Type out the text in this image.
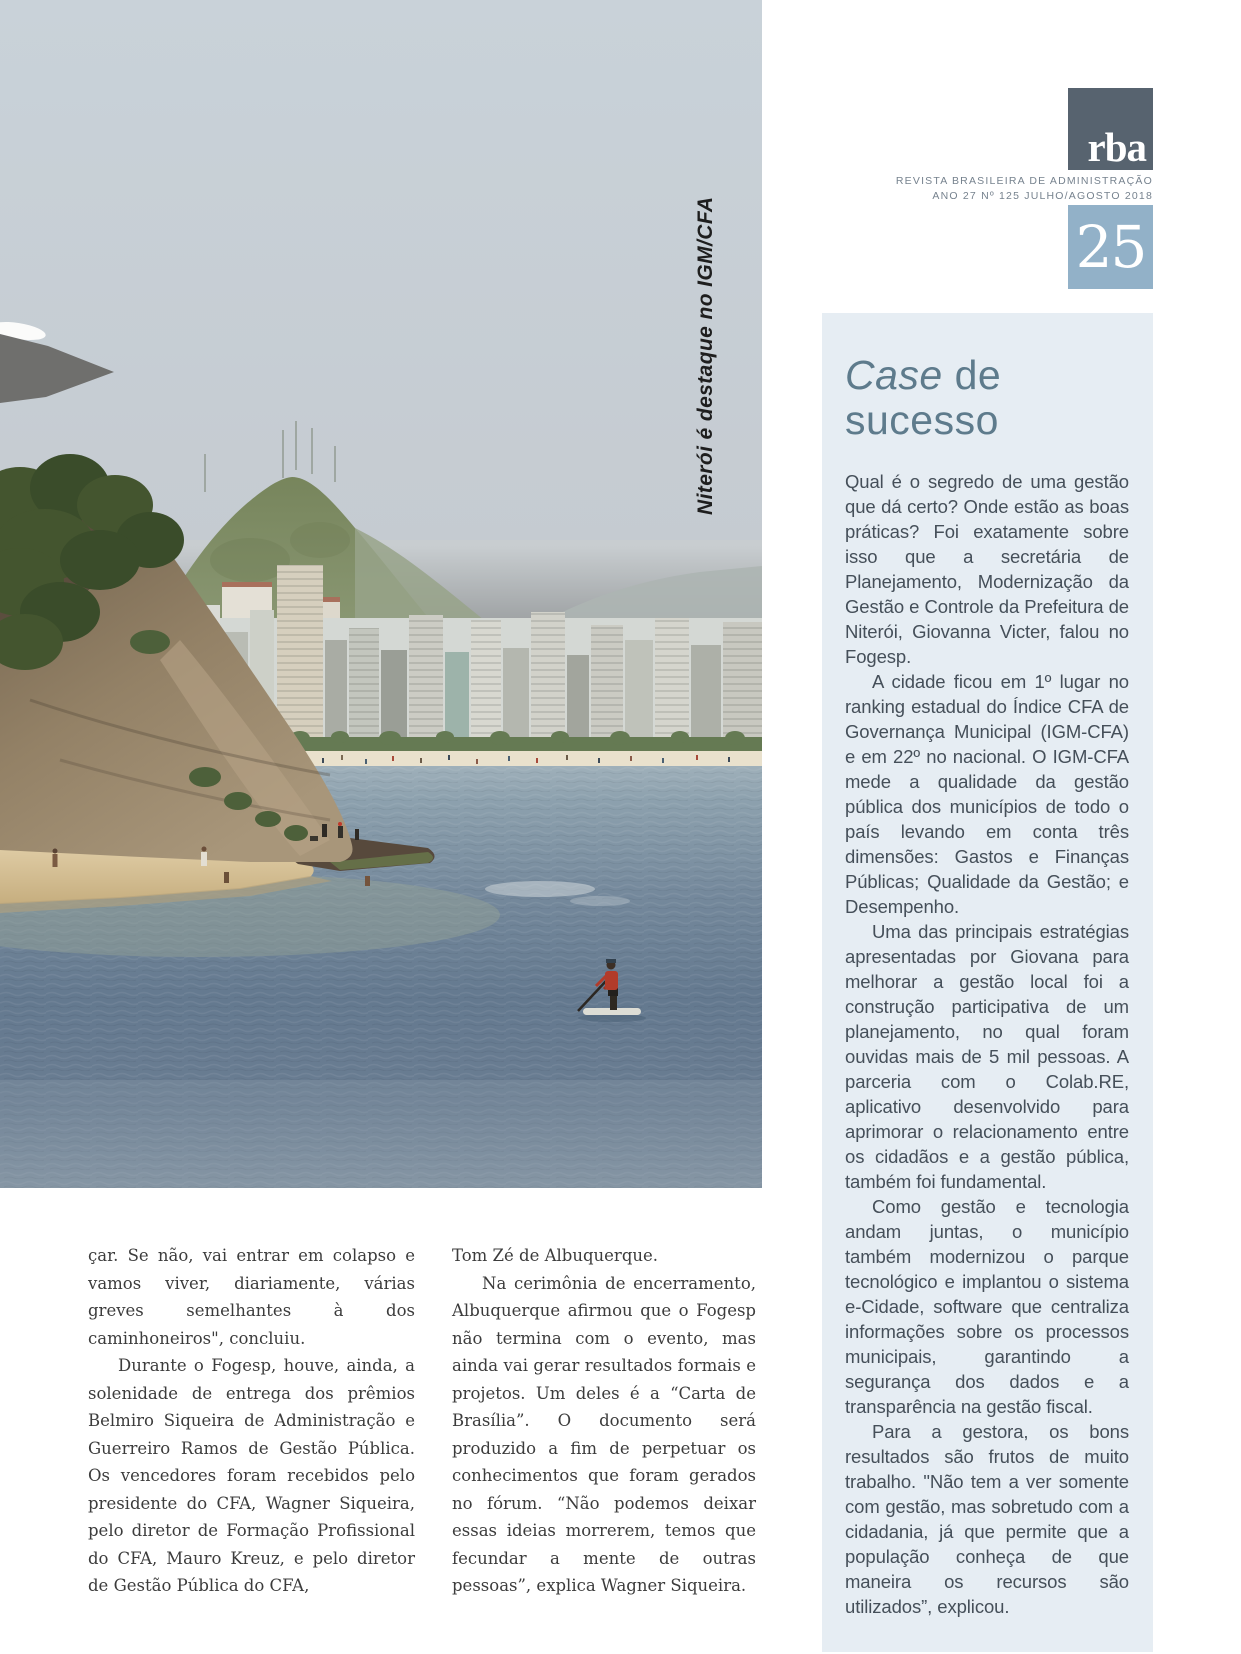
Niterói é destaque no IGM/CFA
rba
REVISTA BRASILEIRA DE ADMINISTRAÇÃO
ANO 27 Nº 125 JULHO/AGOSTO 2018
25
Case de sucesso

Qual é o segredo de uma gestão que dá certo? Onde estão as boas práticas? Foi exatamente sobre isso que a secretária de Planejamento, Modernização da Gestão e Controle da Prefeitura de Niterói, Giovanna Victer, falou no Fogesp.

A cidade ficou em 1º lugar no ranking estadual do Índice CFA de Governança Municipal (IGM-CFA) e em 22º no nacional. O IGM-CFA mede a qualidade da gestão pública dos municípios de todo o país levando em conta três dimensões: Gastos e Finanças Públicas; Qualidade da Gestão; e Desempenho.

Uma das principais estratégias apresentadas por Giovana para melhorar a gestão local foi a construção participativa de um planejamento, no qual foram ouvidas mais de 5 mil pessoas. A parceria com o Colab.RE, aplicativo desenvolvido para aprimorar o relacionamento entre os cidadãos e a gestão pública, também foi fundamental.

Como gestão e tecnologia andam juntas, o município também modernizou o parque tecnológico e implantou o sistema e-Cidade, software que centraliza informações sobre os processos municipais, garantindo a segurança dos dados e a transparência na gestão fiscal.

Para a gestora, os bons resultados são frutos de muito trabalho. "Não tem a ver somente com gestão, mas sobretudo com a cidadania, já que permite que a população conheça de que maneira os recursos são utilizados”, explicou.

çar. Se não, vai entrar em colapso e vamos viver, diariamente, várias greves semelhantes à dos caminhoneiros", concluiu.

Durante o Fogesp, houve, ainda, a solenidade de entrega dos prêmios Belmiro Siqueira de Administração e Guerreiro Ramos de Gestão Pública. Os vencedores foram recebidos pelo presidente do CFA, Wagner Siqueira, pelo diretor de Formação Profissional do CFA, Mauro Kreuz, e pelo diretor de Gestão Pública do CFA,

Tom Zé de Albuquerque.

Na cerimônia de encerramento, Albuquerque afirmou que o Fogesp não termina com o evento, mas ainda vai gerar resultados formais e projetos. Um deles é a “Carta de Brasília”. O documento será produzido a fim de perpetuar os conhecimentos que foram gerados no fórum. “Não podemos deixar essas ideias morrerem, temos que fecundar a mente de outras pessoas”, explica Wagner Siqueira.
